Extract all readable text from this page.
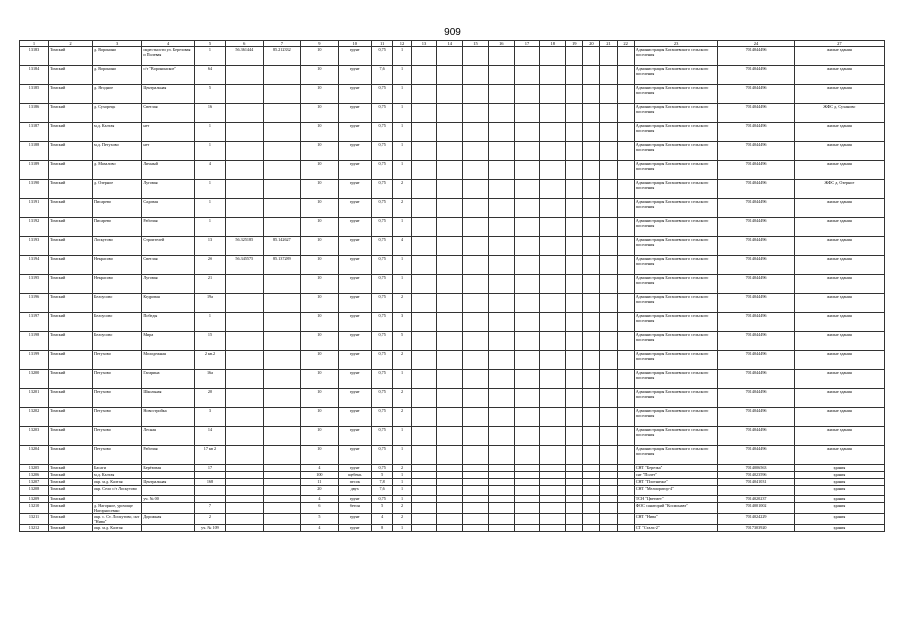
909
1	2	3	4	5	6	7	9	10	11	12	13	14	15	16	17	18	19	20	21	22	23	24	27
13183	Томский	д. Воронино	окрестности ул. Березовая и Полевая	1	56.361444	85.212332	10	грунт	0,75	1											Администрация Богашевского сельского поселения	7014044496	жилые здания
13184	Томский	д. Воронино	с/т "Воронинское"	64			10	грунт	7,6	1											Администрация Богашевского сельского поселения	7014044496	жилые здания
13185	Томский	д. Ягодное	Центральная	5			10	грунт	0,75	1											Администрация Богашевского сельского поселения	7014044496	жилые здания
13186	Томский	д. Сухорецк	Светлая	16			10	грунт	0,75	1											Администрация Богашевского сельского поселения	7014044496	ЖФС д. Суханово
13187	Томский	м.д. Калтая	нет	1			10	грунт	0,75	1											Администрация Богашевского сельского поселения	7014044496	жилые здания
13188	Томский	м.д. Петухово	нет	1			10	грунт	0,75	1											Администрация Богашевского сельского поселения	7014044496	жилые здания
13189	Томский	д. Мазалово	Личный	4			10	грунт	0,75	1											Администрация Богашевского сельского поселения	7014044496	жилые здания
13190	Томский	д. Озерное	Луговая	1			10	грунт	0,75	2											Администрация Богашевского сельского поселения	7014044496	ЖФС д. Озерное
13191	Томский	Писарево	Садовая	1			10	грунт	0,75	2											Администрация Богашевского сельского поселения	7014044496	жилые здания
13192	Томский	Писарево	Рабочая	1			10	грунт	0,75	1											Администрация Богашевского сельского поселения	7014044496	жилые здания
13193	Томский	Лоскутово	Строителей	13	56.325185	85.142627	10	грунт	0,75	4											Администрация Богашевского сельского поселения	7014044496	жилые здания
13194	Томский	Некрасово	Светлая	2б	56.345575	85.137289	10	грунт	0,75	1											Администрация Богашевского сельского поселения	7014044496	жилые здания
13195	Томский	Некрасово	Луговая	21			10	грунт	0,75	1											Администрация Богашевского сельского поселения	7014044496	жилые здания
13196	Томский	Белоусово	Кедровая	19а			10	грунт	0,75	2											Администрация Богашевского сельского поселения	7014044496	жилые здания
13197	Томский	Белоусово	Победы	1			10	грунт	0,75	3											Администрация Богашевского сельского поселения	7014044496	жилые здания
13198	Томский	Белоусово	Мира	15			10	грунт	0,75	5											Администрация Богашевского сельского поселения	7014044496	жилые здания
13199	Томский	Петухово	Молодежная	2 кв.2			10	грунт	0,75	2											Администрация Богашевского сельского поселения	7014044496	жилые здания
13200	Томский	Петухово	Гагарина	16а			10	грунт	0,75	1											Администрация Богашевского сельского поселения	7014044496	жилые здания
13201	Томский	Петухово	Школьная	20			10	грунт	0,75	2											Администрация Богашевского сельского поселения	7014044496	жилые здания
13202	Томский	Петухово	Новостройка	3			10	грунт	0,75	2											Администрация Богашевского сельского поселения	7014044496	жилые здания
13203	Томский	Петухово	Лесная	14			10	грунт	0,75	1											Администрация Богашевского сельского поселения	7014044496	жилые здания
13204	Томский	Петухово	Рабочая	17 кв 2			10	грунт	0,75	1											Администрация Богашевского сельского поселения	7014044496	жилые здания
13205	Томский	Басаги	Берёзовая	17			4	грунт	0,75	2											СНТ "Березка"	7014006563	здания
13206	Томский	м.д. Калтая					100	щебень	5	1											снт "Полет"	7014023596	здания
13207	Томский	окр. м.д. Калтая	Центральная	168			11	песок	7,8	1											СНТ "Плотничье"	7014041031	здания
13208	Томский	окр. Село с/т Лоскутово					20	двух	7,6	1											СНТ "Мелиоратор-4"		здания
13209	Томский		уч. № 00				4	грунт	0,75	1											ТСН "Цветмет"	7014020237	здания
13210	Томский	д. Нагорное, урочище Нагорносемко		7			6	бетон	5	2											ФОС санаторий "Космонавт"	7014001002	здания
13211	Томский	окр. с. Ст. Лоскутово, снт "Нива"	Дорожная	2			5	грунт	4	2											СНТ "Нива"	7014024229	здания
13212	Томский	окр. м.д. Калтая		уч. № 109			4	грунт	8	1											СТ "Сталь-2"	7017303920	здания
